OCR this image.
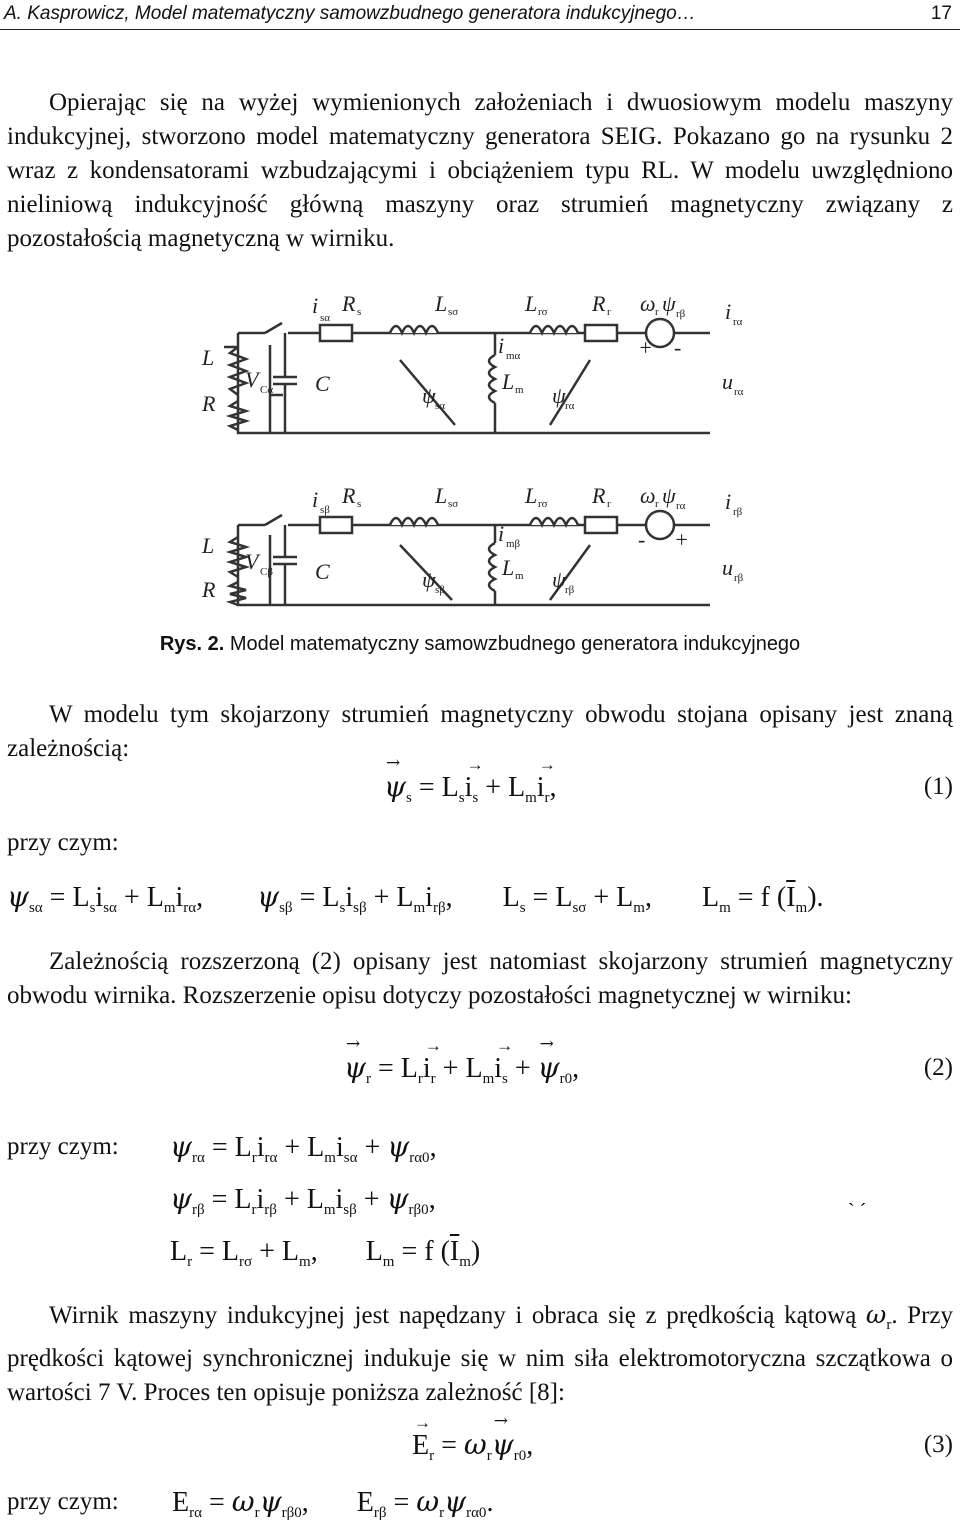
A. Kasprowicz, Model matematyczny samowzbudnego generatora indukcyjnego…	17
Opierając się na wyżej wymienionych założeniach i dwuosiowym modelu maszyny indukcyjnej, stworzono model matematyczny generatora SEIG. Pokazano go na rysunku 2 wraz z kondensatorami wzbudzającymi i obciążeniem typu RL. W modelu uwzględniono nieliniową indukcyjność główną maszyny oraz strumień magnetyczny związany z pozostałością magnetyczną w wirniku.
L
R
V Cα C
i sα
R s	L sσ	L rσ R r ω r ψ rβ i rα
+ -
i mα
L m
ψ sα	ψ rα
u rα
L
R
V Cβ C
i sβ
R s	L sσ	L rσ R r ω r ψ rα i rβ
- +
i mβ
L m
ψ sβ	ψ rβ
u rβ
Rys. 2. Model matematyczny samowzbudnego generatora indukcyjnego
W modelu tym skojarzony strumień magnetyczny obwodu stojana opisany jest znaną zależnością:
→ $\psi_s = L_s\to i_s + L_m\to i_r$,	(1)
przy czym:
$\psi_{s\alpha} = L_si_{s\alpha} + L_mi_{r\alpha}$, $\psi_{s\beta} = L_si_{s\beta} + L_mi_{r\beta}$, $L_s = L_{s\sigma} + L_m$, $L_m = f$ $(\overline{I}_m)$.
Zależnością rozszerzoną (2) opisany jest natomiast skojarzony strumień magnetyczny obwodu wirnika. Rozszerzenie opisu dotyczy pozostałości magnetycznej w wirniku:
→ $\psi_r = L_r\to i_r + L_m\to i_s$ + → $\psi_{r0}$,	(2)
przy czym: $\psi_{r\alpha} = L_ri_{r\alpha} + L_mi_{s\alpha} + \psi_{r\alpha 0}$,
$\psi_{r\beta} = L_ri_{r\beta} + L_mi_{s\beta} + \psi_{r\beta 0}$,
$L_r = L_{r\sigma} + L_m$, $L_m = f$ $(\overline{I}_m)$
` ´
Wirnik maszyny indukcyjnej jest napędzany i obraca się z prędkością kątową $\omega_r$. Przy prędkości kątowej synchronicznej indukuje się w nim siła elektromotoryczna szczątkowa o wartości 7 V. Proces ten opisuje poniższa zależność [8]:
→ $E_r = \omega_r\to \psi_{r0}$,	(3)
przy czym: $E_{r\alpha} = \omega_r\psi_{r\beta 0}$, $E_{r\beta} = \omega_r\psi_{r\alpha 0}$.
